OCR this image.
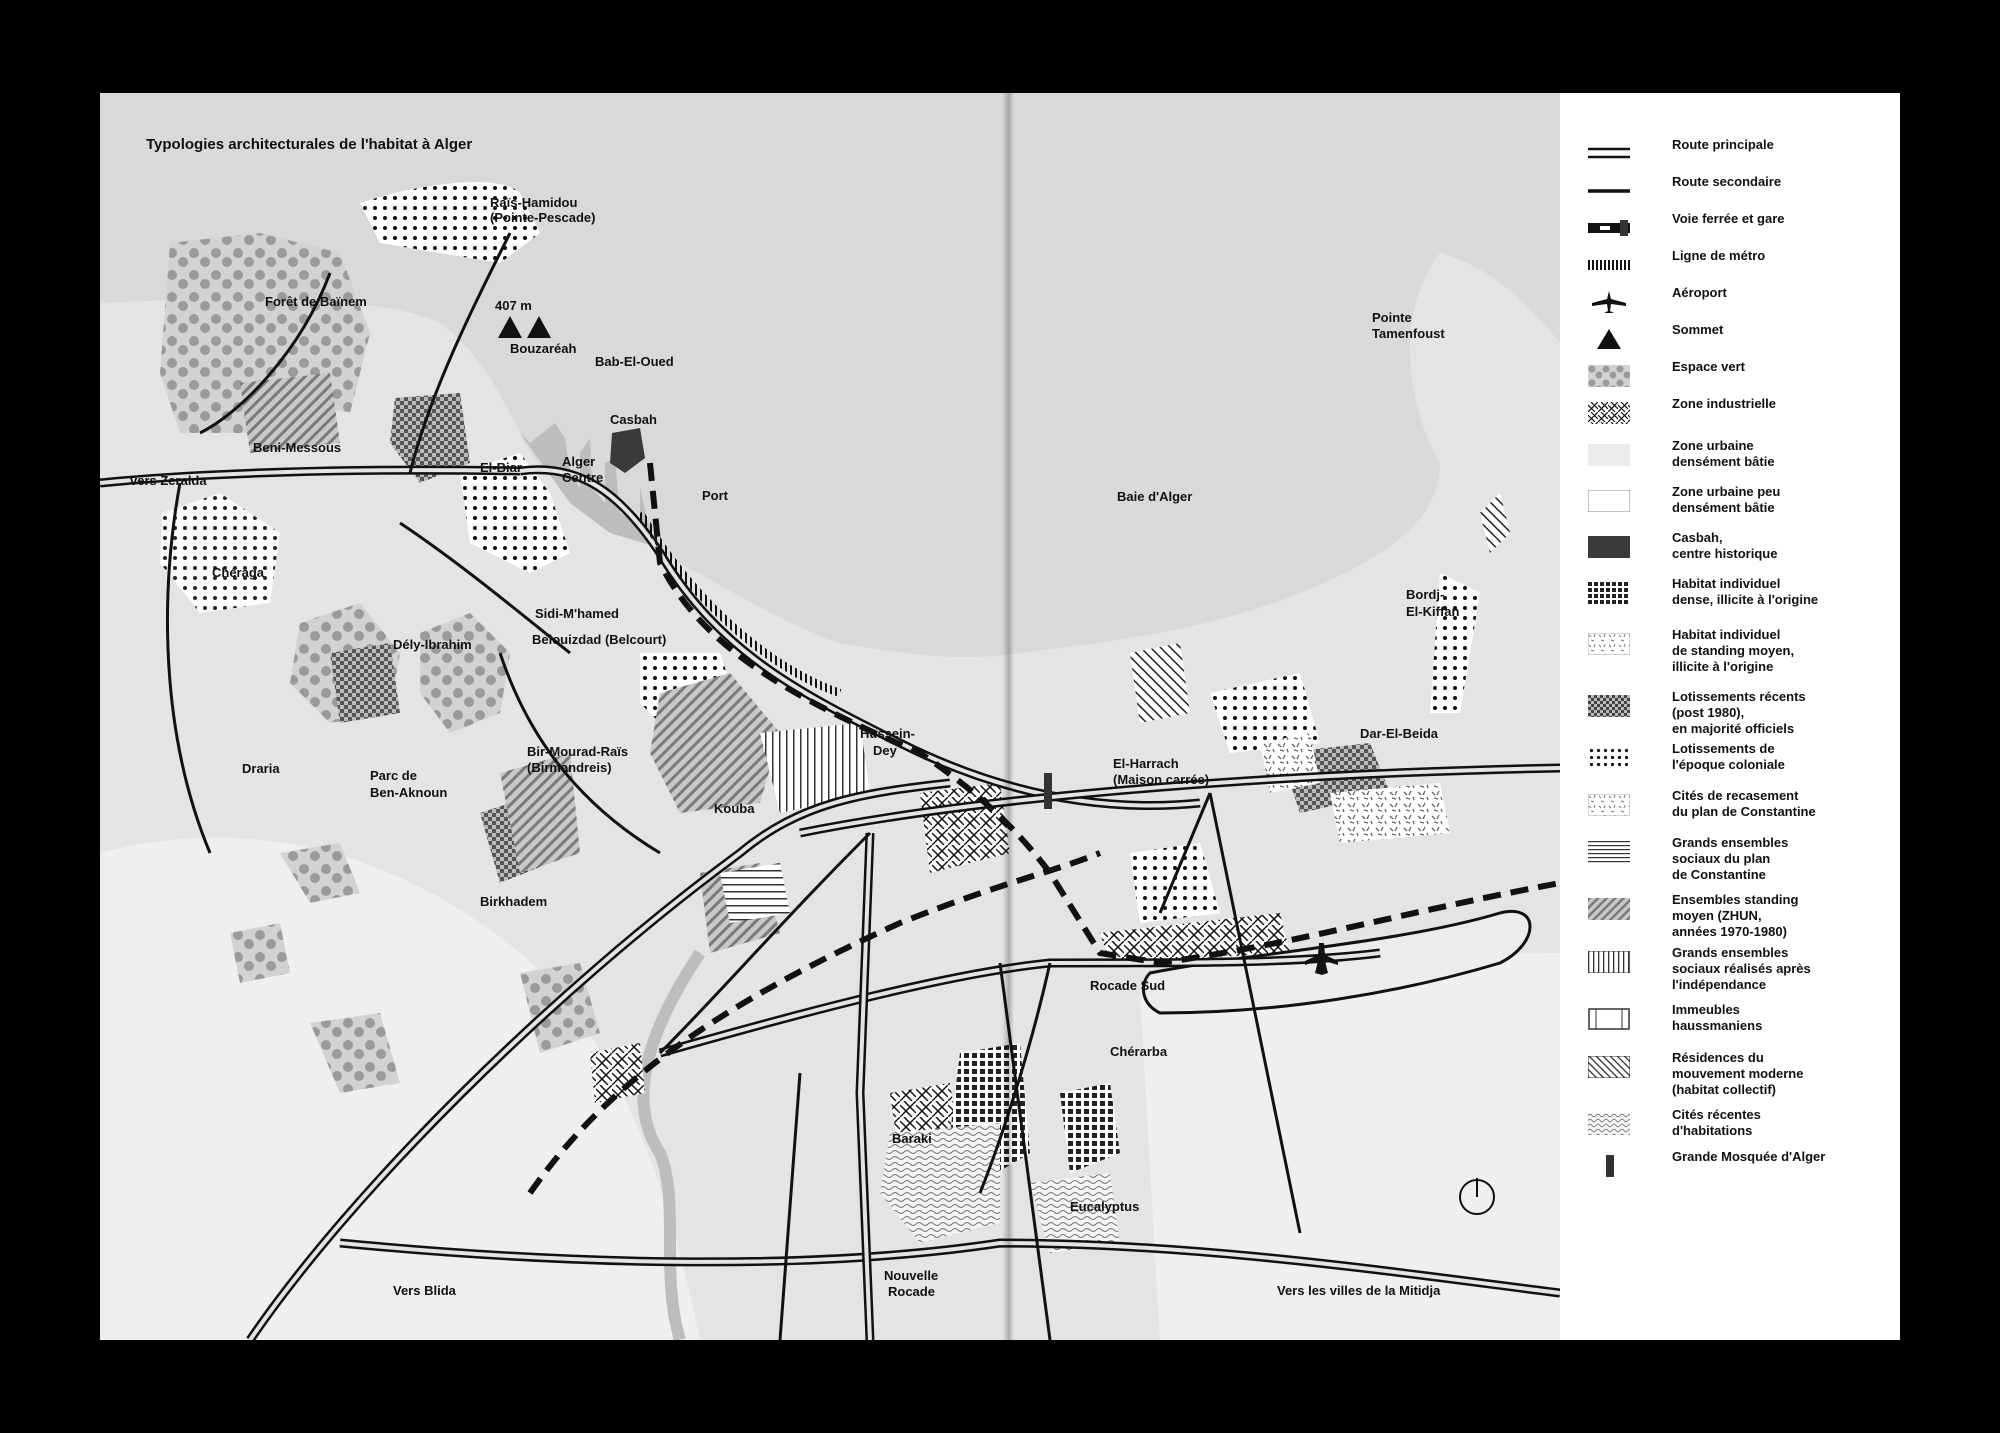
Raïs-Hamidou
(Pointe-Pescade)
Forêt de Baïnem	407 m
Bouzaréah
Bab-El-Oued
Casbah
Beni-Messous
El-Biar	Alger
Centre
Port
vers Zeralda
Chéraga
Sidi-M'hamed
Belouizdad (Belcourt)
Dély-Ibrahim
Draria	Parc de
Ben-Aknoun
Bir-Mourad-Raïs
(Birmandreis)
Kouba
Hussein-
Dey
El-Harrach
(Maison carrée)
Birkhadem
Rocade Sud
Chérarba
Baraki
Eucalyptus
Nouvelle
Rocade
Vers Blida	Vers les villes de la Mitidja
Baie d'Alger
Pointe
Tamenfoust
Bordj-
El-Kiffan
Dar-El-Beida
Typologies architecturales de l'habitat à Alger	Route principale
Route secondaire
Voie ferrée et gare
Ligne de métro
Aéroport
Sommet
Espace vert
Zone industrielle
Zone urbaine
densément bâtie
Zone urbaine peu
densément bâtie
Casbah,
centre historique
Habitat individuel
dense, illicite à l'origine
Habitat individuel
de standing moyen,
illicite à l'origine
Lotissements récents
(post 1980),
en majorité officiels
Lotissements de
l'époque coloniale
Cités de recasement
du plan de Constantine
Grands ensembles
sociaux du plan
de Constantine
Ensembles standing
moyen (ZHUN,
années 1970-1980)
Grands ensembles
sociaux réalisés après
l'indépendance
Immeubles
haussmaniens
Résidences du
mouvement moderne
(habitat collectif)
Cités récentes
d'habitations
Grande Mosquée d'Alger
